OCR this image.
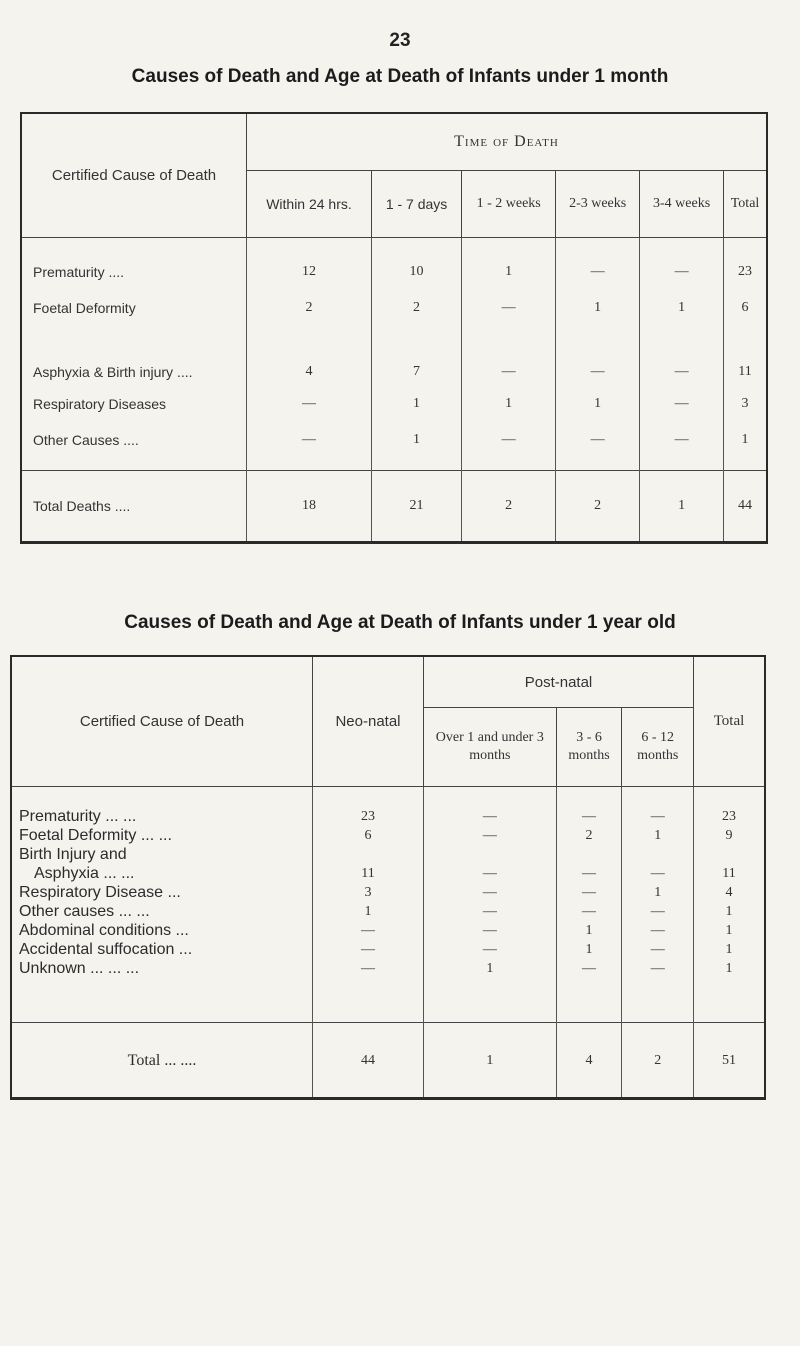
23
Causes of Death and Age at Death of Infants under 1 month
Certified Cause of Death	Time of Death					
	Within 24 hrs.	1 - 7 days	1 - 2 weeks	2-3 weeks	3-4 weeks	Total
Prematurity ....	12	10	1	—	—	23
Foetal Deformity	2	2	—	1	1	6
Asphyxia & Birth injury ....	4	7	—	—	—	11
Respiratory Diseases	—	1	1	1	—	3
Other Causes ....	—	1	—	—	—	1
Total Deaths ....	18	21	2	2	1	44
Causes of Death and Age at Death of Infants under 1 year old
Certified Cause of Death	Neo-natal	Post-natal			Total
		Over 1 and under 3 months	3 - 6 months	6 - 12 months	
Prematurity ... ...	23	—	—	—	23
Foetal Deformity ... ...	6	—	2	1	9
Birth Injury and					
Asphyxia ... ...	11	—	—	—	11
Respiratory Disease ...	3	—	—	1	4
Other causes ... ...	1	—	—	—	1
Abdominal conditions ...	—	—	1	—	1
Accidental suffocation ...	—	—	1	—	1
Unknown ... ... ...	—	1	—	—	1
Total ... ....	44	1	4	2	51
